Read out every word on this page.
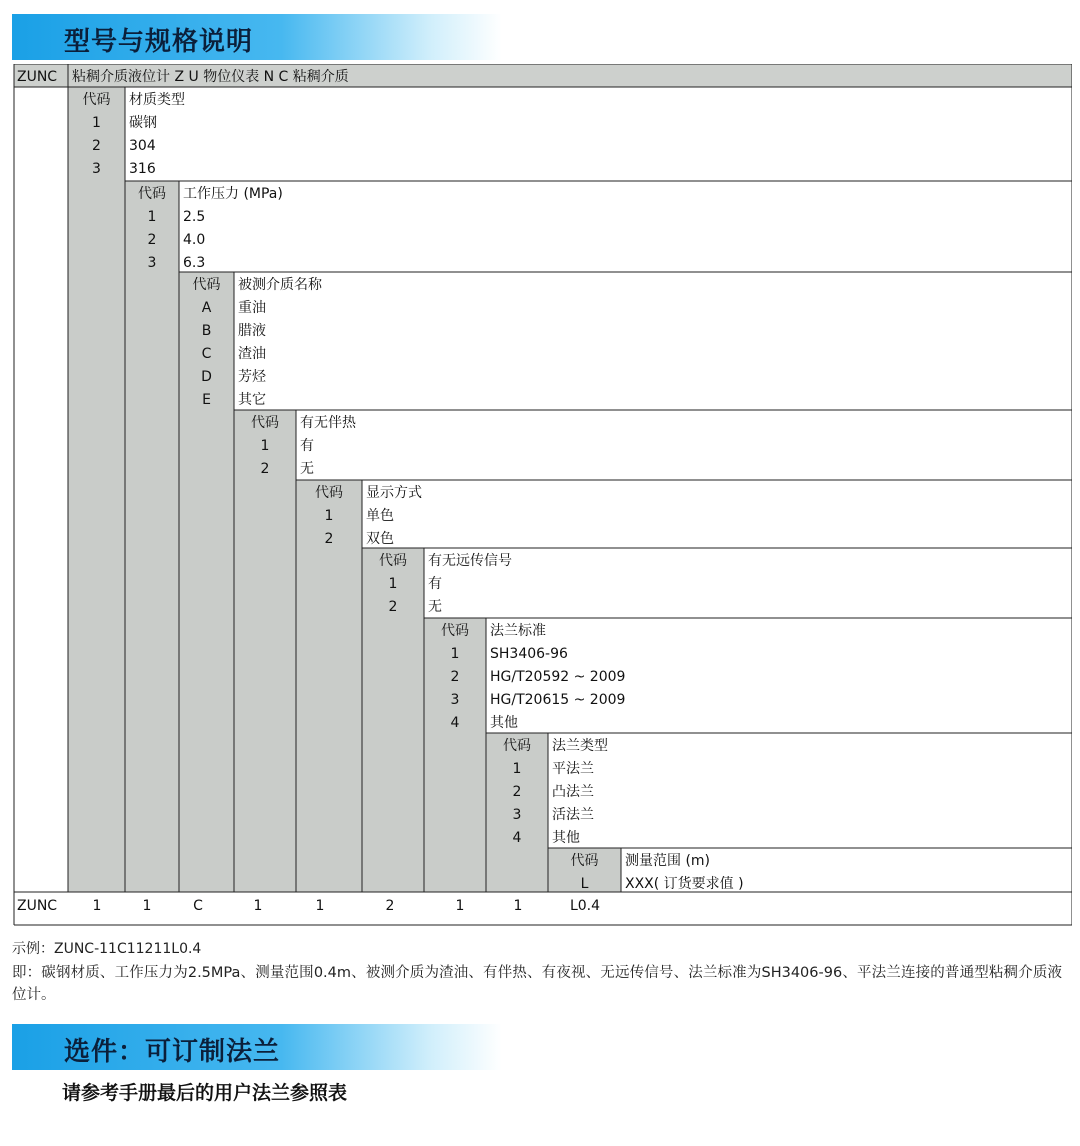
型号与规格说明
ZUNC 粘稠介质液位计 Z U 物位仪表 N C 粘稠介质
代码 材质类型
1 碳钢
2 304
3 316
代码 工作压力 (MPa)
1 2.5
2 4.0
3 6.3
代码 被测介质名称
A 重油
B 腊液
C 渣油
D 芳烃
E 其它
代码 有无伴热
1 有
2 无
代码 显示方式
1 单色
2 双色
代码 有无远传信号
1 有
2 无
代码 法兰标准
1 SH3406-96
2 HG/T20592 ~ 2009
3 HG/T20615 ~ 2009
4 其他
代码 法兰类型
1 平法兰
2 凸法兰
3 活法兰
4 其他
代码 测量范围 (m)
L	XXX( 订货要求值 )
ZUNC	1	1	C	1	1	2	1	1	L0.4
示例：ZUNC-11C11211L0.4
即：碳钢材质、工作压力为2.5MPa、测量范围0.4m、被测介质为渣油、有伴热、有夜视、无远传信号、法兰标准为SH3406-96、平法兰连接的普通型粘稠介质液位计。
选件：可订制法兰
请参考手册最后的用户法兰参照表
